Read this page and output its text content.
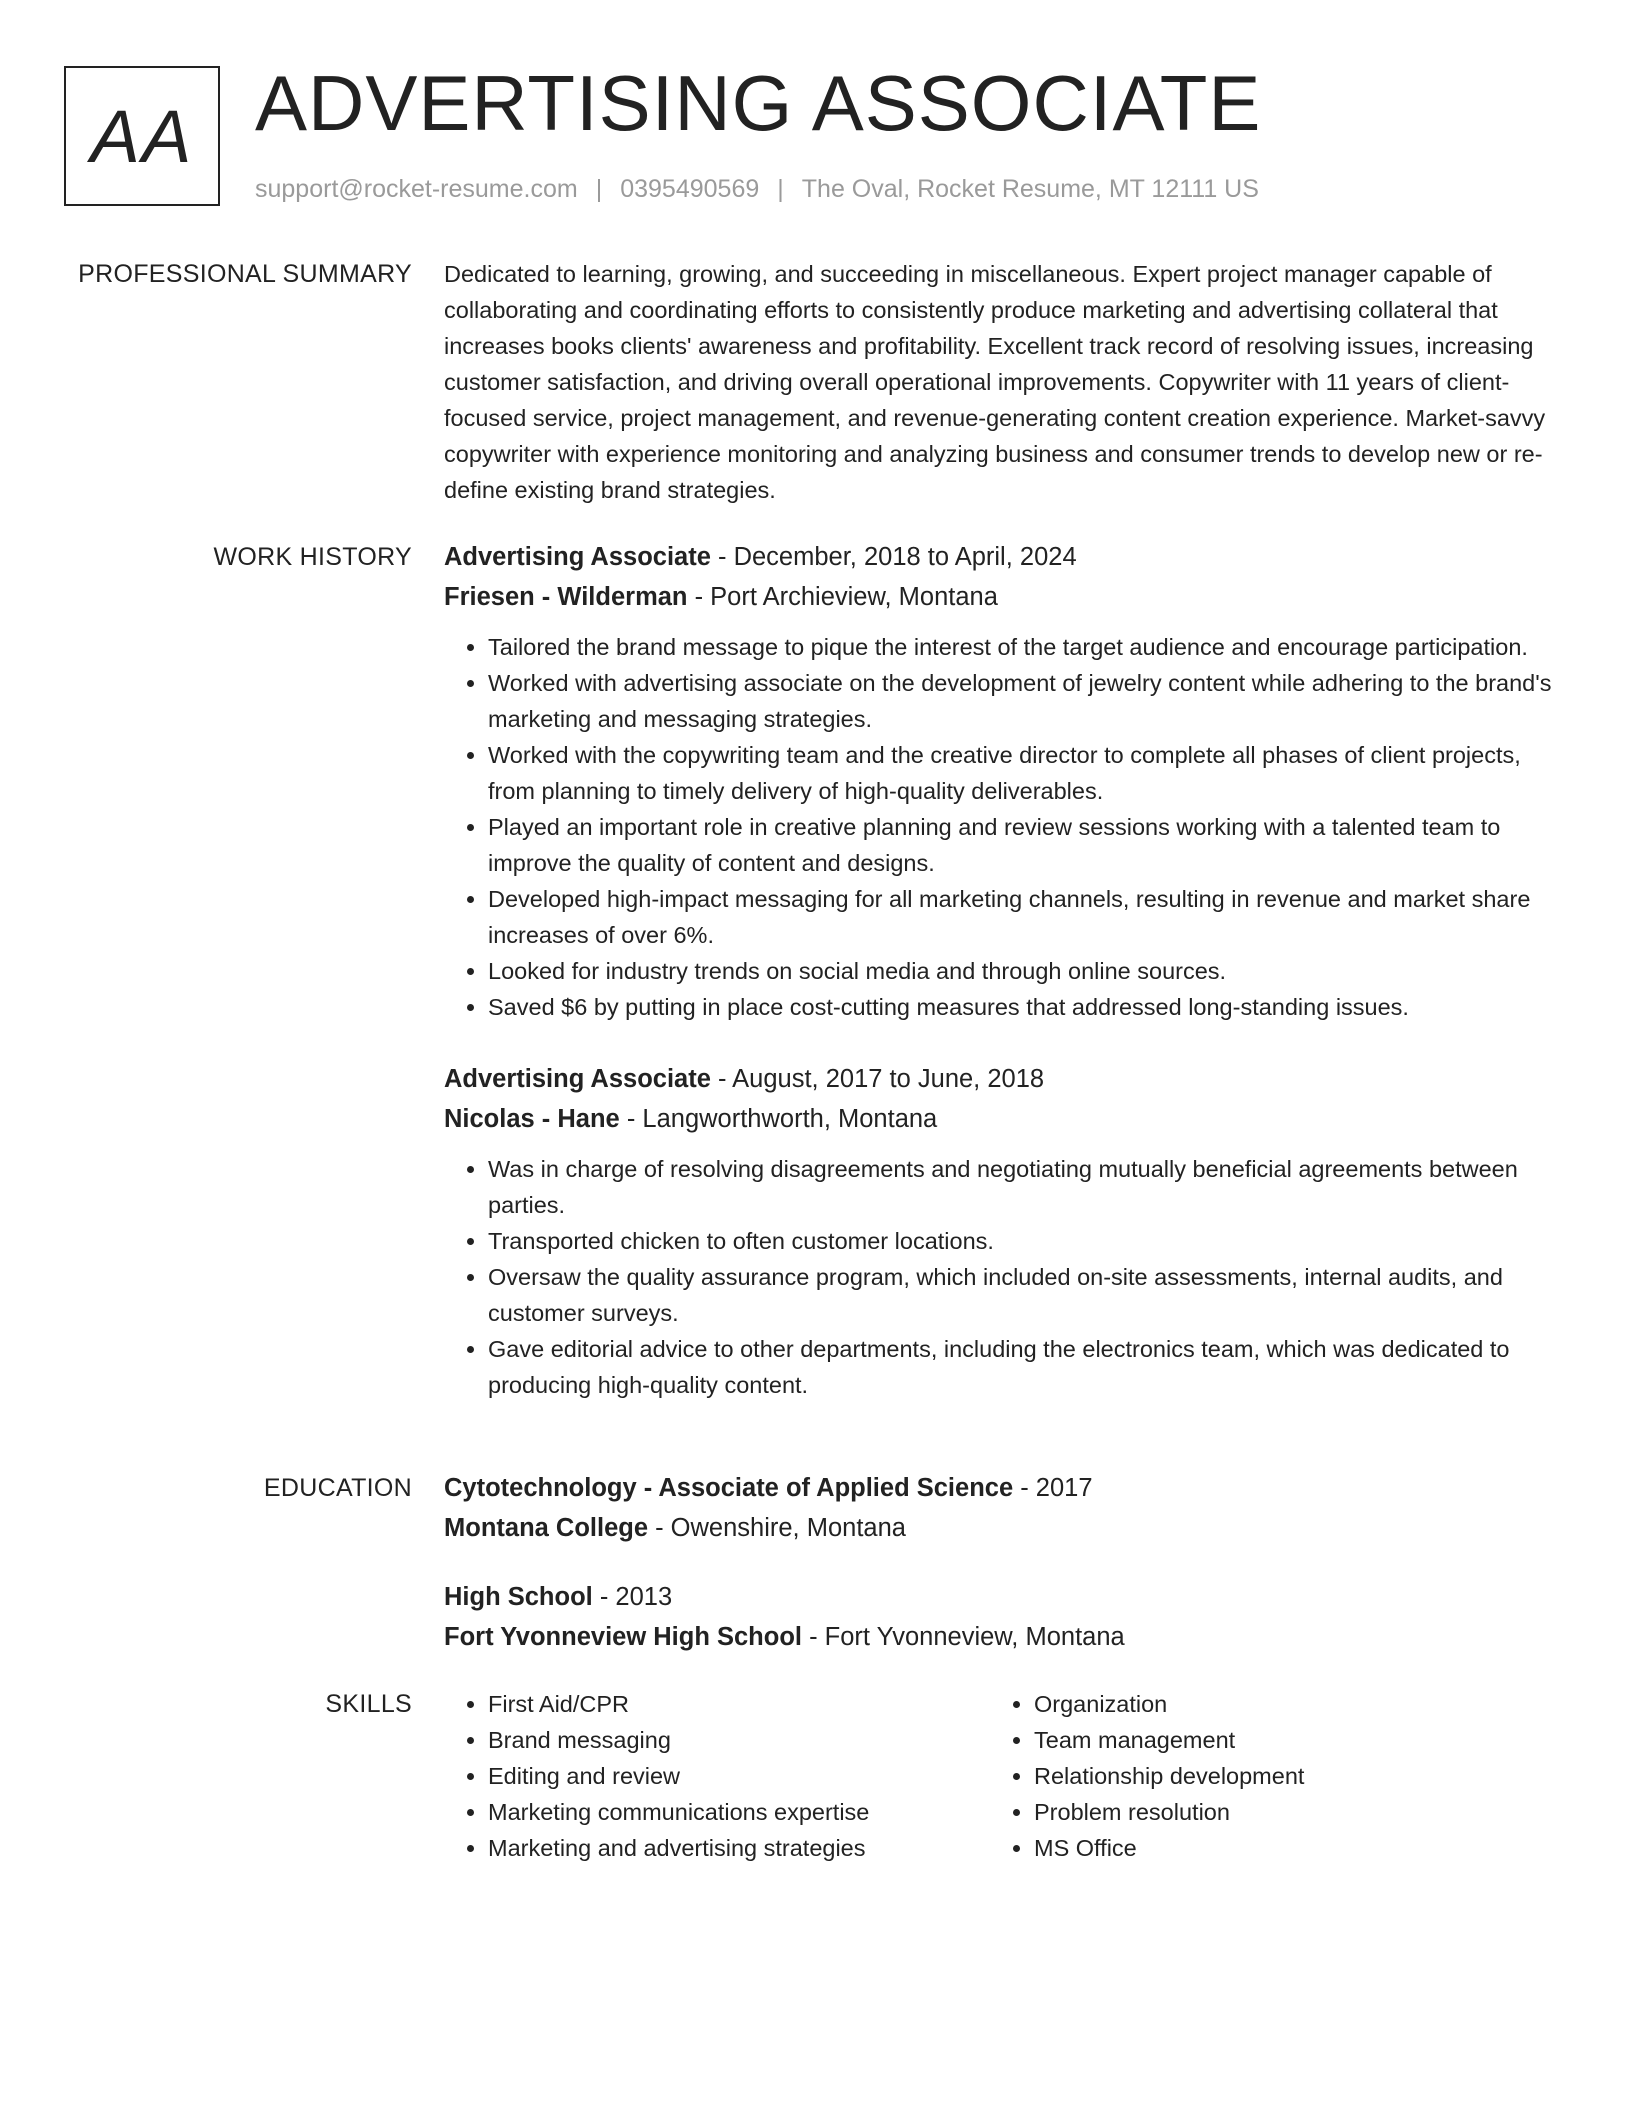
AA ADVERTISING ASSOCIATE
support@rocket-resume.com | 0395490569 | The Oval, Rocket Resume, MT 12111 US
PROFESSIONAL SUMMARY Dedicated to learning, growing, and succeeding in miscellaneous. Expert project manager capable of collaborating and coordinating efforts to consistently produce marketing and advertising collateral that increases books clients' awareness and profitability. Excellent track record of resolving issues, increasing customer satisfaction, and driving overall operational improvements. Copywriter with 11 years of client-focused service, project management, and revenue-generating content creation experience. Market-savvy copywriter with experience monitoring and analyzing business and consumer trends to develop new or re-define existing brand strategies.

WORK HISTORY Advertising Associate - December, 2018 to April, 2024
Friesen - Wilderman - Port Archieview, Montana
• Tailored the brand message to pique the interest of the target audience and encourage participation.
• Worked with advertising associate on the development of jewelry content while adhering to the brand's marketing and messaging strategies.
• Worked with the copywriting team and the creative director to complete all phases of client projects, from planning to timely delivery of high-quality deliverables.
• Played an important role in creative planning and review sessions working with a talented team to improve the quality of content and designs.
• Developed high-impact messaging for all marketing channels, resulting in revenue and market share increases of over 6%.
• Looked for industry trends on social media and through online sources.
• Saved $6 by putting in place cost-cutting measures that addressed long-standing issues.
Advertising Associate - August, 2017 to June, 2018
Nicolas - Hane - Langworthworth, Montana
• Was in charge of resolving disagreements and negotiating mutually beneficial agreements between parties.
• Transported chicken to often customer locations.
• Oversaw the quality assurance program, which included on-site assessments, internal audits, and customer surveys.
• Gave editorial advice to other departments, including the electronics team, which was dedicated to producing high-quality content.
EDUCATION Cytotechnology - Associate of Applied Science - 2017
Montana College - Owenshire, Montana
High School - 2013
Fort Yvonneview High School - Fort Yvonneview, Montana
SKILLS
•	First Aid/CPR
• Brand messaging
• Editing and review
• Marketing communications expertise
• Marketing and advertising strategies
• Organization
• Team management
• Relationship development
• Problem resolution
• MS Office
